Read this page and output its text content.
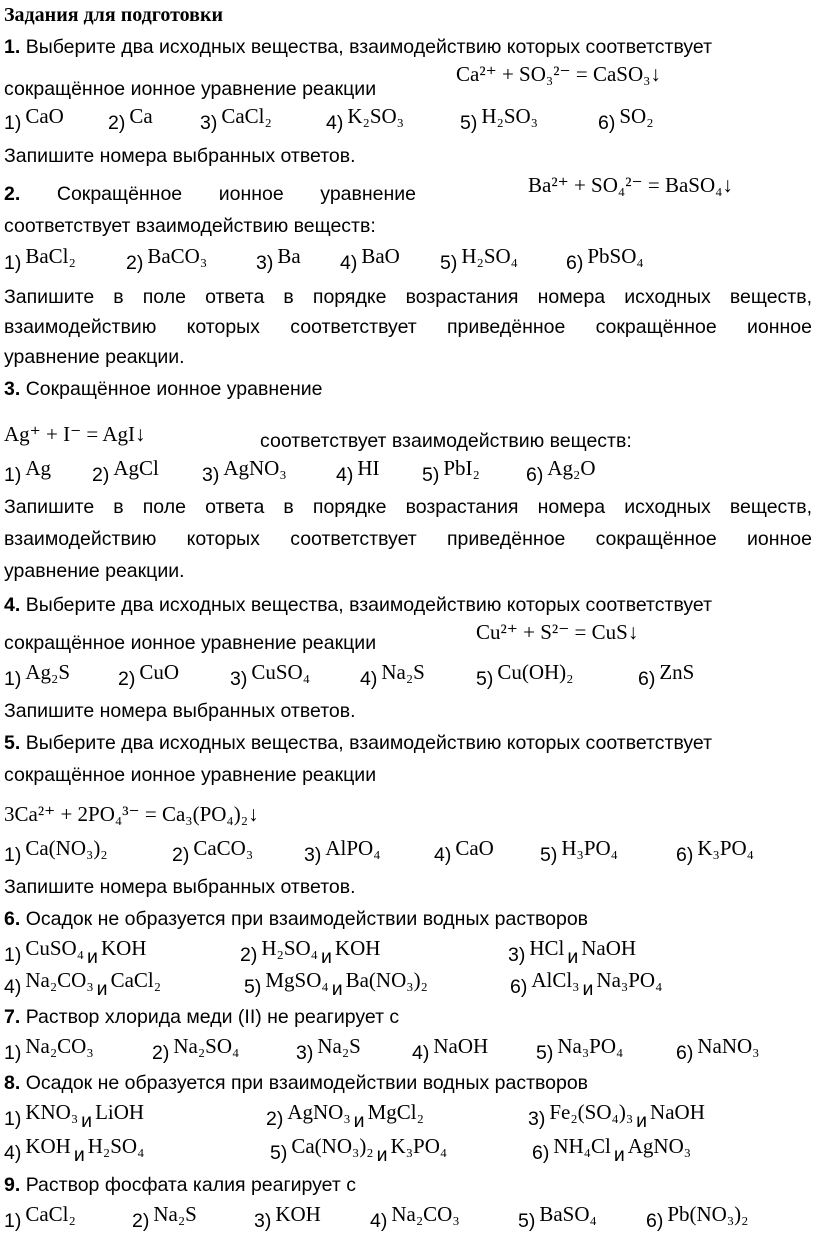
Задания для подготовки
1. Выберите два исходных вещества, взаимодействию которых соответствует
сокращённое ионное уравнение реакции
Ca²⁺ + SO₃²⁻ = CaSO₃↓
1) CaO 2) Ca 3) CaCl₂	4) K₂SO₃	5) H₂SO₃	6) SO₂
Запишите номера выбранных ответов.
2. Сокращённое ионное уравнение	Ba²⁺ + SO₄²⁻ = BaSO₄↓
соответствует взаимодействию веществ:
1) BaCl₂	2) BaCO₃	3) Ba 4) BaO 5) H₂SO₄ 6) PbSO₄
Запишите в поле ответа в порядке возрастания номера исходных веществ,
взаимодействию которых соответствует приведённое сокращённое ионное
уравнение реакции.
3. Сокращённое ионное уравнение
Ag⁺ + I⁻ = AgI↓	соответствует взаимодействию веществ:
1) Ag 2) AgCl 3) AgNO₃	4) HI 5) PbI₂ 6) Ag₂O
Запишите в поле ответа в порядке возрастания номера исходных веществ,
взаимодействию которых соответствует приведённое сокращённое ионное
уравнение реакции.
4. Выберите два исходных вещества, взаимодействию которых соответствует
сокращённое ионное уравнение реакции	Cu²⁺ + S²⁻ = CuS↓
1) Ag₂S 2) CuO	3) CuSO₄	4) Na₂S	5) Cu(OH)₂	6) ZnS
Запишите номера выбранных ответов.
5. Выберите два исходных вещества, взаимодействию которых соответствует
сокращённое ионное уравнение реакции
3Ca²⁺ + 2PO₄³⁻ = Ca₃(PO₄)₂↓
1) Ca(NO₃)₂	2) CaCO₃	3) AlPO₄	4) CaO 5) H₃PO₄	6) K₃PO₄
Запишите номера выбранных ответов.
6. Осадок не образуется при взаимодействии водных растворов
1) CuSO₄ и KOH	2) H₂SO₄ и KOH	3) HCl и NaOH
4) Na₂CO₃ и CaCl₂	5) MgSO₄ и Ba(NO₃)₂	6) AlCl₃ и Na₃PO₄
7. Раствор хлорида меди (II) не реагирует с
1) Na₂CO₃	2) Na₂SO₄	3) Na₂S	4) NaOH 5) Na₃PO₄	6) NaNO₃
8. Осадок не образуется при взаимодействии водных растворов
1) KNO₃ и LiOH	2) AgNO₃ и MgCl₂	3) Fe₂(SO₄)₃ и NaOH
4) KOH и H₂SO₄	5) Ca(NO₃)₂ и K₃PO₄	6) NH₄Cl и AgNO₃
9. Раствор фосфата калия реагирует с
1) CaCl₂	2) Na₂S	3) KOH	4) Na₂CO₃	5) BaSO₄	6) Pb(NO₃)₂
